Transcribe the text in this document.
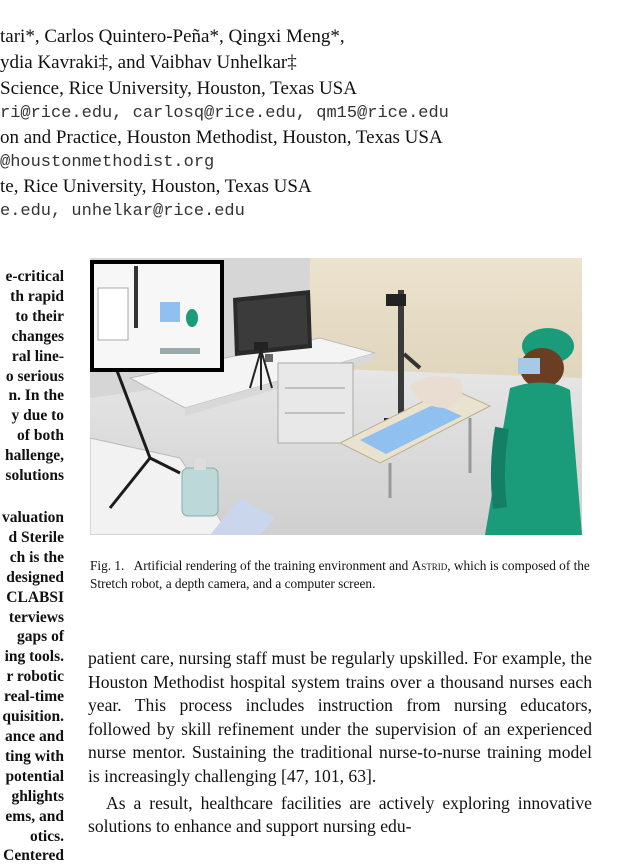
tari*, Carlos Quintero-Peña*, Qingxi Meng*,
ydia Kavraki‡, and Vaibhav Unhelkar‡
Science, Rice University, Houston, Texas USA
ri@rice.edu, carlosq@rice.edu, qm15@rice.edu
on and Practice, Houston Methodist, Houston, Texas USA
@houstonmethodist.org
te, Rice University, Houston, Texas USA
e.edu, unhelkar@rice.edu
e-critical
th rapid
to their
changes
ral line-
o serious
n. In the
y due to
of both
hallenge,
solutions
valuation
d Sterile
ch is the
designed
CLABSI
terviews
gaps of
ing tools.
r robotic
real-time
quisition.
ance and
ting with
potential
ghlights
ems, and
otics.
Centered
Fig. 1. Artificial rendering of the training environment and Astrid, which is composed of the Stretch robot, a depth camera, and a computer screen.

patient care, nursing staff must be regularly upskilled. For example, the Houston Methodist hospital system trains over a thousand nurses each year. This process includes instruction from nursing educators, followed by skill refinement under the supervision of an experienced nurse mentor. Sustaining the traditional nurse-to-nurse training model is increasingly challenging [47, 101, 63].

As a result, healthcare facilities are actively exploring innovative solutions to enhance and support nursing edu-
